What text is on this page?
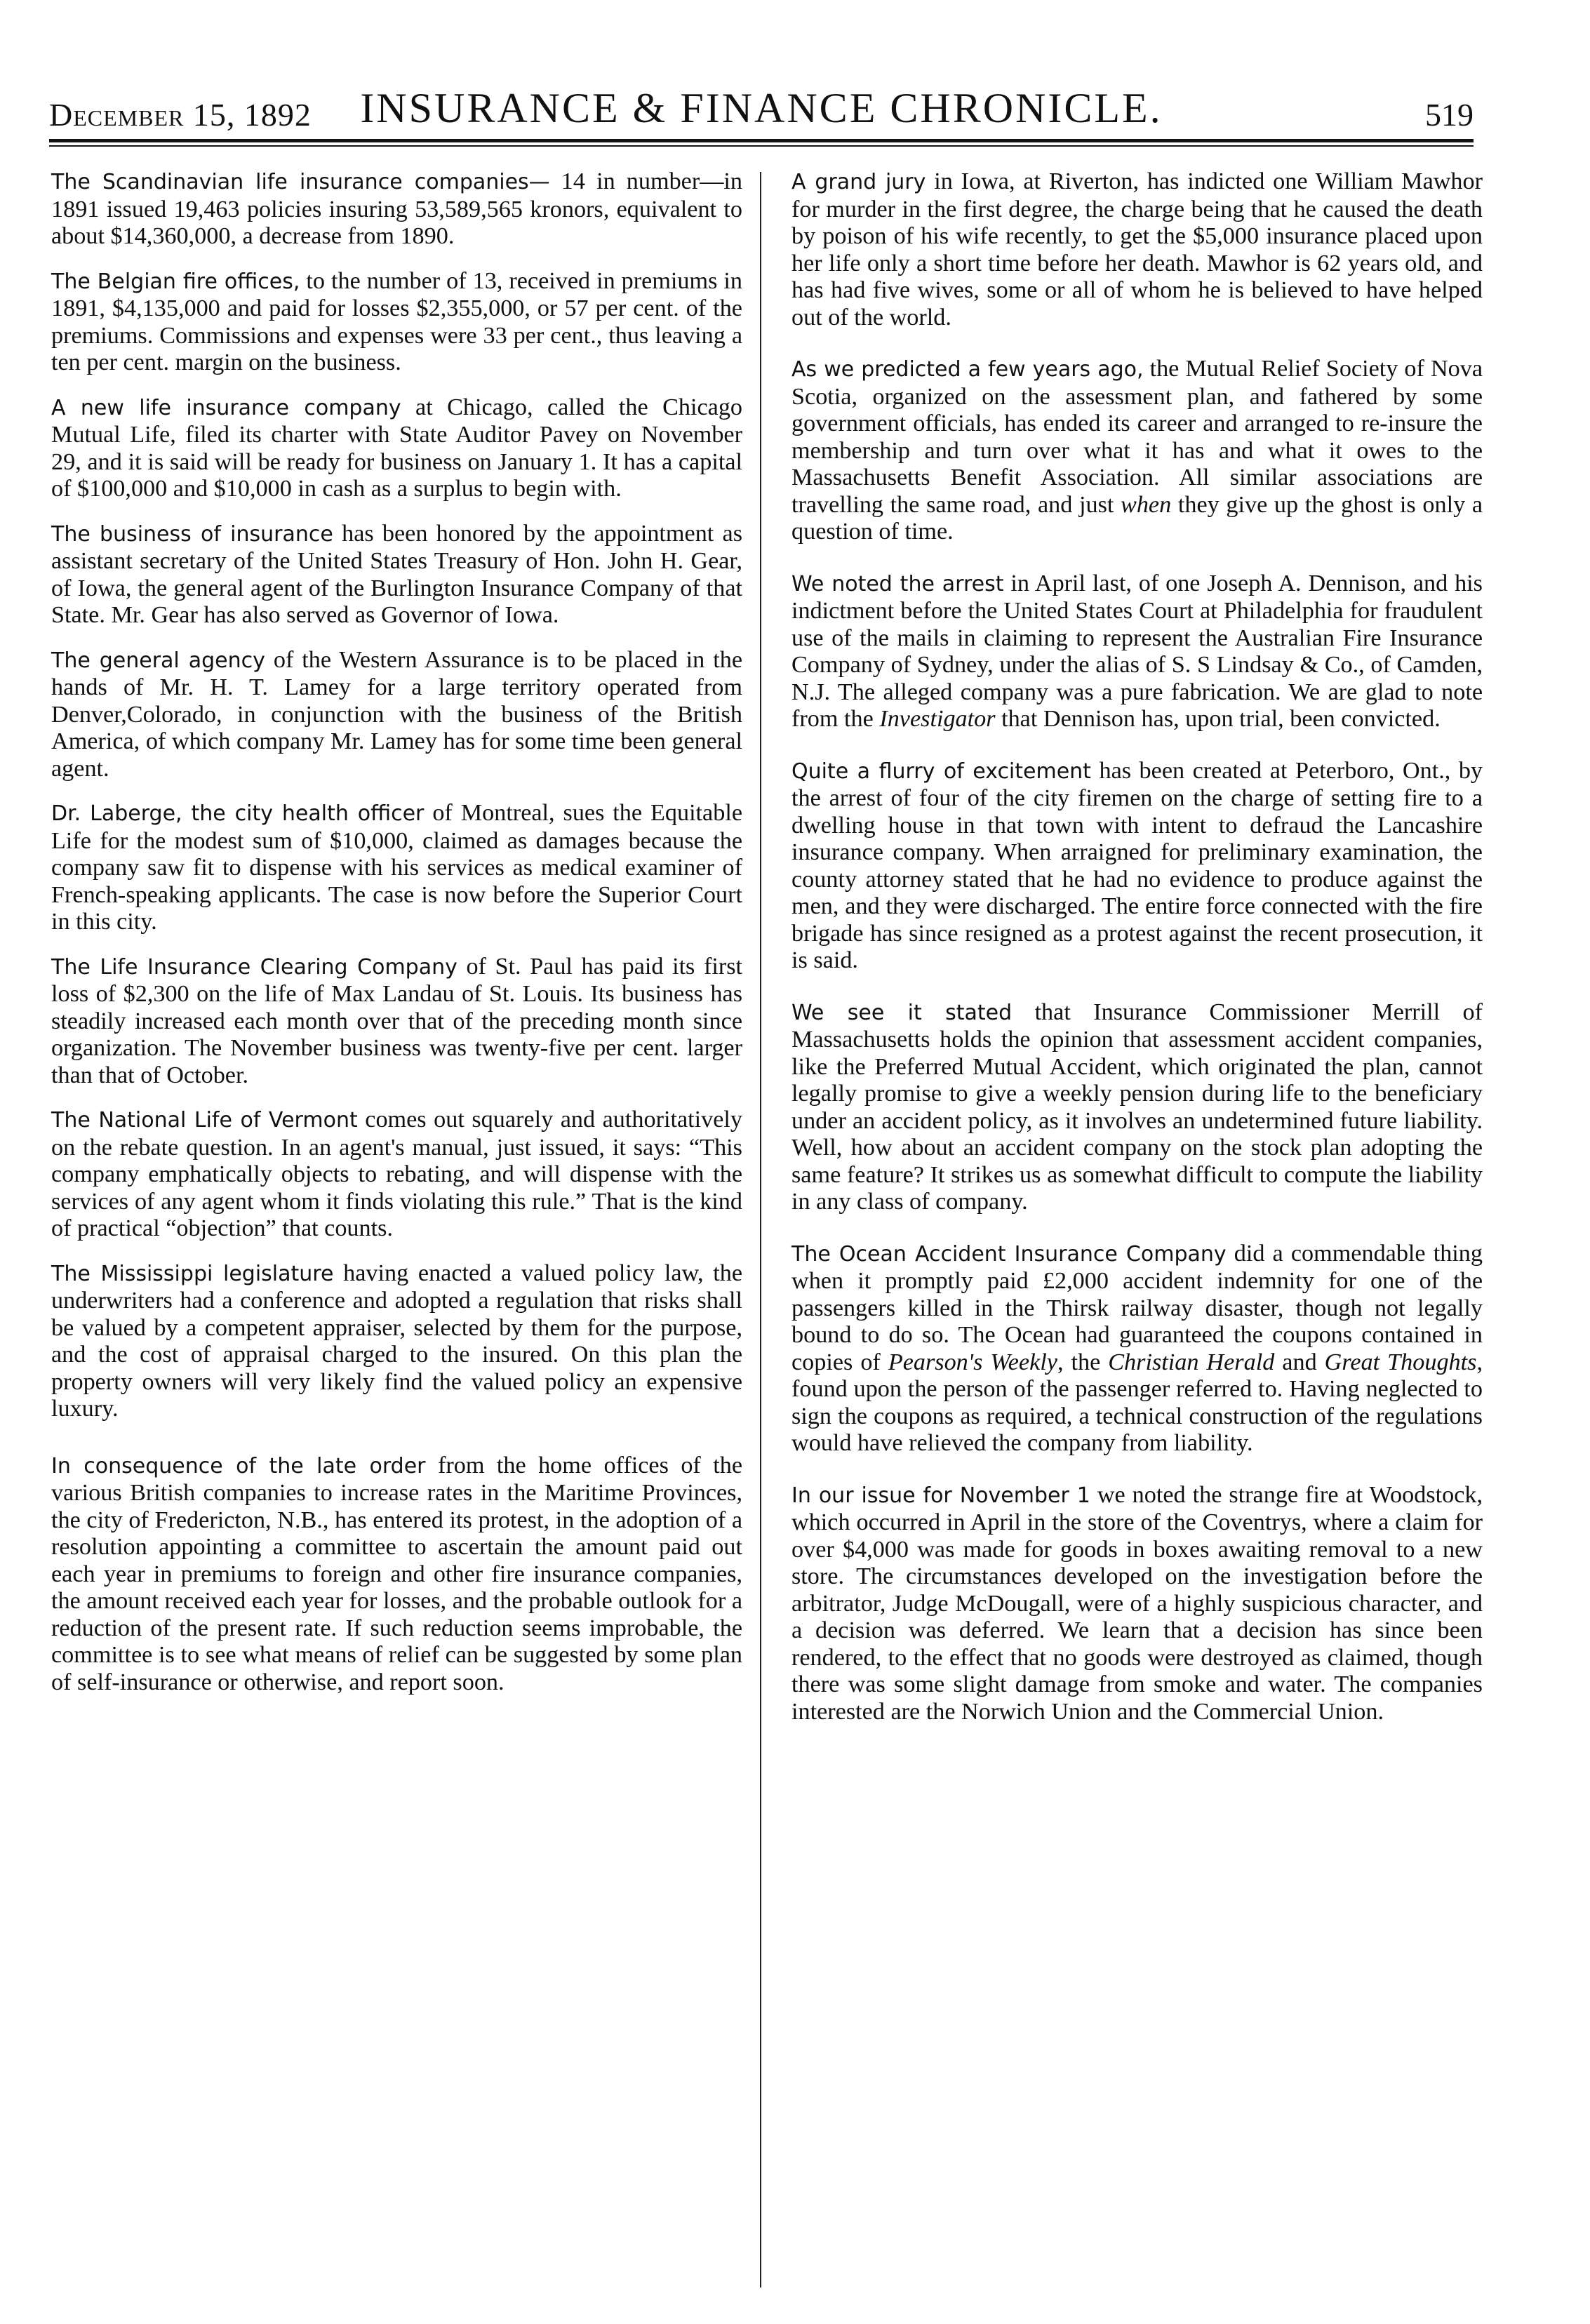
December 15, 1892	INSURANCE & FINANCE CHRONICLE.	519

The Scandinavian life insurance companies— 14 in number—in 1891 issued 19,463 policies insuring 53,589,565 kronors, equivalent to about $14,360,000, a decrease from 1890.

The Belgian fire offices, to the number of 13, received in premiums in 1891, $4,135,000 and paid for losses $2,355,000, or 57 per cent. of the premiums. Commissions and expenses were 33 per cent., thus leaving a ten per cent. margin on the business.

A new life insurance company at Chicago, called the Chicago Mutual Life, filed its charter with State Auditor Pavey on November 29, and it is said will be ready for business on January 1. It has a capital of $100,000 and $10,000 in cash as a surplus to begin with.

The business of insurance has been honored by the appointment as assistant secretary of the United States Treasury of Hon. John H. Gear, of Iowa, the general agent of the Burlington Insurance Company of that State. Mr. Gear has also served as Governor of Iowa.

The general agency of the Western Assurance is to be placed in the hands of Mr. H. T. Lamey for a large territory operated from Denver,Colorado, in conjunction with the business of the British America, of which company Mr. Lamey has for some time been general agent.

Dr. Laberge, the city health officer of Montreal, sues the Equitable Life for the modest sum of $10,000, claimed as damages because the company saw fit to dispense with his services as medical examiner of French-speaking applicants. The case is now before the Superior Court in this city.

The Life Insurance Clearing Company of St. Paul has paid its first loss of $2,300 on the life of Max Landau of St. Louis. Its business has steadily increased each month over that of the preceding month since organization. The November business was twenty-five per cent. larger than that of October.

The National Life of Vermont comes out squarely and authoritatively on the rebate question. In an agent's manual, just issued, it says: “This company emphatically objects to rebating, and will dispense with the services of any agent whom it finds violating this rule.” That is the kind of practical “objection” that counts.

The Mississippi legislature having enacted a valued policy law, the underwriters had a conference and adopted a regulation that risks shall be valued by a competent appraiser, selected by them for the purpose, and the cost of appraisal charged to the insured. On this plan the property owners will very likely find the valued policy an expensive luxury.

In consequence of the late order from the home offices of the various British companies to increase rates in the Maritime Provinces, the city of Fredericton, N.B., has entered its protest, in the adoption of a resolution appointing a committee to ascertain the amount paid out each year in premiums to foreign and other fire insurance companies, the amount received each year for losses, and the probable outlook for a reduction of the present rate. If such reduction seems improbable, the committee is to see what means of relief can be suggested by some plan of self-insurance or otherwise, and report soon.

A grand jury in Iowa, at Riverton, has indicted one William Mawhor for murder in the first degree, the charge being that he caused the death by poison of his wife recently, to get the $5,000 insurance placed upon her life only a short time before her death. Mawhor is 62 years old, and has had five wives, some or all of whom he is believed to have helped out of the world.

As we predicted a few years ago, the Mutual Relief Society of Nova Scotia, organized on the assessment plan, and fathered by some government officials, has ended its career and arranged to re-insure the membership and turn over what it has and what it owes to the Massachusetts Benefit Association. All similar associations are travelling the same road, and just when they give up the ghost is only a question of time.

We noted the arrest in April last, of one Joseph A. Dennison, and his indictment before the United States Court at Philadelphia for fraudulent use of the mails in claiming to represent the Australian Fire Insurance Company of Sydney, under the alias of S. S Lindsay & Co., of Camden, N.J. The alleged company was a pure fabrication. We are glad to note from the Investigator that Dennison has, upon trial, been convicted.

Quite a flurry of excitement has been created at Peterboro, Ont., by the arrest of four of the city firemen on the charge of setting fire to a dwelling house in that town with intent to defraud the Lancashire insurance company. When arraigned for preliminary examination, the county attorney stated that he had no evidence to produce against the men, and they were discharged. The entire force connected with the fire brigade has since resigned as a protest against the recent prosecution, it is said.

We see it stated that Insurance Commissioner Merrill of Massachusetts holds the opinion that assessment accident companies, like the Preferred Mutual Accident, which originated the plan, cannot legally promise to give a weekly pension during life to the beneficiary under an accident policy, as it involves an undetermined future liability. Well, how about an accident company on the stock plan adopting the same feature? It strikes us as somewhat difficult to compute the liability in any class of company.

The Ocean Accident Insurance Company did a commendable thing when it promptly paid £2,000 accident indemnity for one of the passengers killed in the Thirsk railway disaster, though not legally bound to do so. The Ocean had guaranteed the coupons contained in copies of Pearson's Weekly, the Christian Herald and Great Thoughts, found upon the person of the passenger referred to. Having neglected to sign the coupons as required, a technical construction of the regulations would have relieved the company from liability.

In our issue for November 1 we noted the strange fire at Woodstock, which occurred in April in the store of the Coventrys, where a claim for over $4,000 was made for goods in boxes awaiting removal to a new store. The circumstances developed on the investigation before the arbitrator, Judge McDougall, were of a highly suspicious character, and a decision was deferred. We learn that a decision has since been rendered, to the effect that no goods were destroyed as claimed, though there was some slight damage from smoke and water. The companies interested are the Norwich Union and the Commercial Union.
